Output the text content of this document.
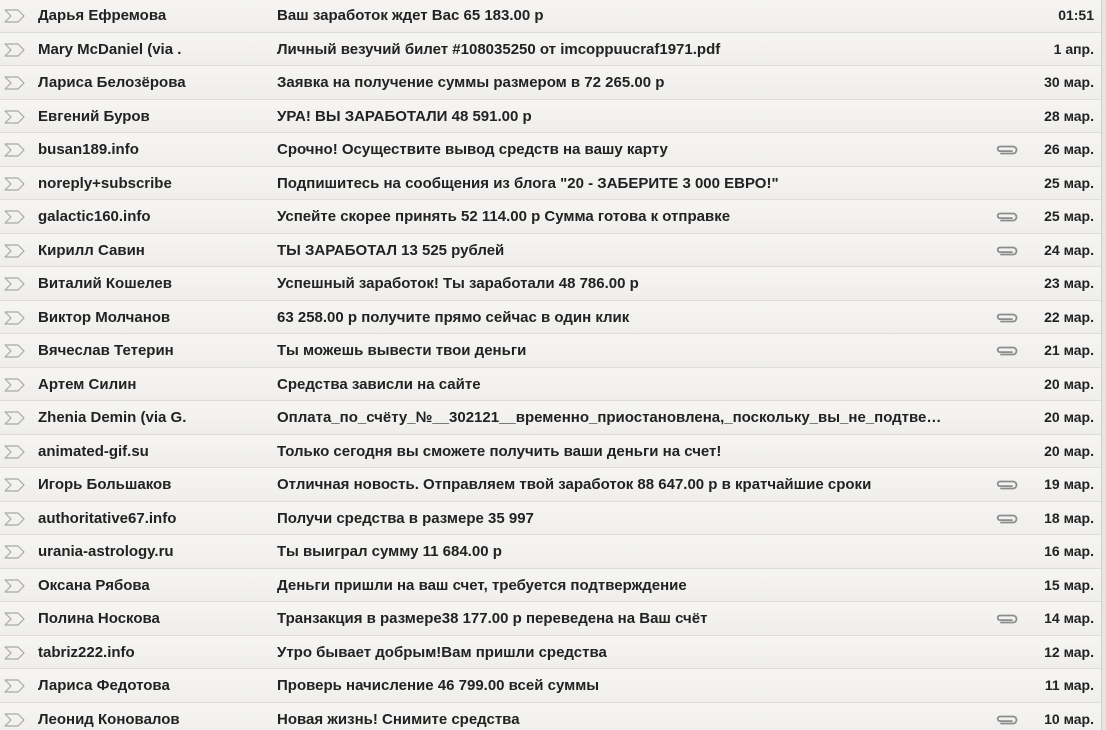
Дарья Ефремова	Ваш заработок ждет Вас 65 183.00 р	01:51
Mary McDaniel (via .	Личный везучий билет #108035250 от imcoppuucraf1971.pdf	1 апр.
Лариса Белозёрова	Заявка на получение суммы размером в 72 265.00 р	30 мар.
Евгений Буров	УРА! ВЫ ЗАРАБОТАЛИ 48 591.00 р	28 мар.
busan189.info	Срочно! Осуществите вывод средств на вашу карту	26 мар.
noreply+subscribe	Подпишитесь на сообщения из блога "20 - ЗАБЕРИТЕ 3 000 ЕВРО!"	25 мар.
galactic160.info	Успейте скорее принять 52 114.00 р Сумма готова к отправке	25 мар.
Кирилл Савин	ТЫ ЗАРАБОТАЛ 13 525 рублей	24 мар.
Виталий Кошелев	Успешный заработок! Ты заработали 48 786.00 р	23 мар.
Виктор Молчанов	63 258.00 р получите прямо сейчас в один клик	22 мар.
Вячеслав Тетерин	Ты можешь вывести твои деньги	21 мар.
Артем Силин	Средства зависли на сайте	20 мар.
Zhenia Demin (via G.	Оплата_по_счёту_№__302121__временно_приостановлена,_поскольку_вы_не_подтве…	20 мар.
animated-gif.su	Только сегодня вы сможете получить ваши деньги на счет!	20 мар.
Игорь Большаков	Отличная новость. Отправляем твой заработок 88 647.00 р в кратчайшие сроки	19 мар.
authoritative67.info	Получи средства в размере 35 997	18 мар.
urania-astrology.ru	Ты выиграл сумму 11 684.00 р	16 мар.
Оксана Рябова	Деньги пришли на ваш счет, требуется подтверждение	15 мар.
Полина Носкова	Транзакция в размере38 177.00 р переведена на Ваш счёт	14 мар.
tabriz222.info	Утро бывает добрым!Вам пришли средства	12 мар.
Лариса Федотова	Проверь начисление 46 799.00 всей суммы	11 мар.
Леонид Коновалов	Новая жизнь! Снимите средства	10 мар.
